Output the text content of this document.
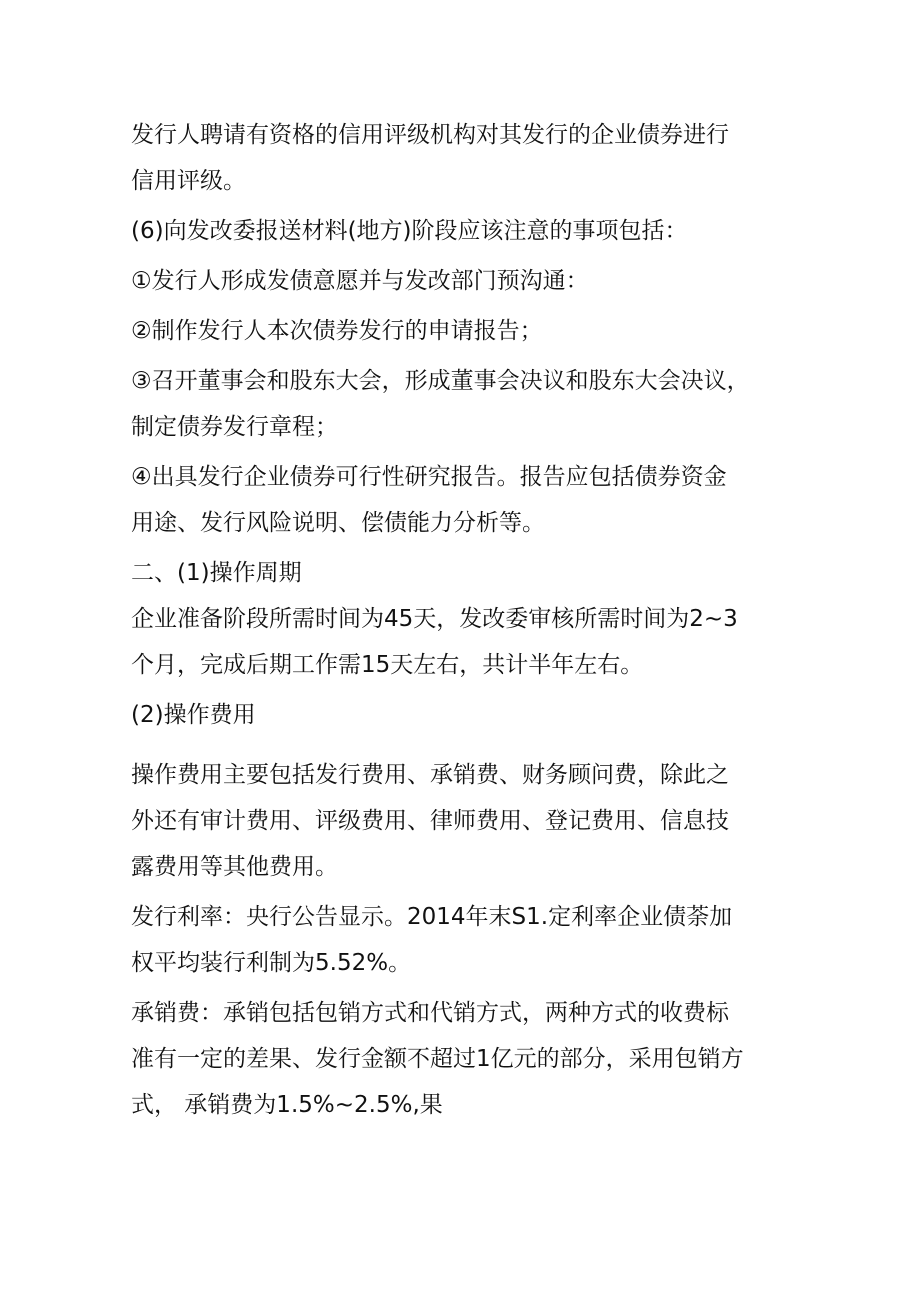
发行人聘请有资格的信用评级机构对其发行的企业债券进行
信用评级。
(6)向发改委报送材料(地方)阶段应该注意的事项包括：
①发行人形成发债意愿并与发改部门预沟通：
②制作发行人本次债券发行的申请报告；
③召开董事会和股东大会，形成董事会决议和股东大会决议，
制定债券发行章程；
④出具发行企业债券可行性研究报告。报告应包括债券资金
用途、发行风险说明、偿债能力分析等。
二、(1)操作周期
企业准备阶段所需时间为45天，发改委审核所需时间为2~3
个月，完成后期工作需15天左右，共计半年左右。
(2)操作费用
操作费用主要包括发行费用、承销费、财务顾问费，除此之
外还有审计费用、评级费用、律师费用、登记费用、信息技
露费用等其他费用。
发行利率：央行公告显示。2014年末S1.定利率企业债荼加
权平均装行利制为5.52%。
承销费：承销包括包销方式和代销方式，两种方式的收费标
准有一定的差果、发行金额不超过1亿元的部分，采用包销方
式， 承销费为1.5%~2.5%,果
